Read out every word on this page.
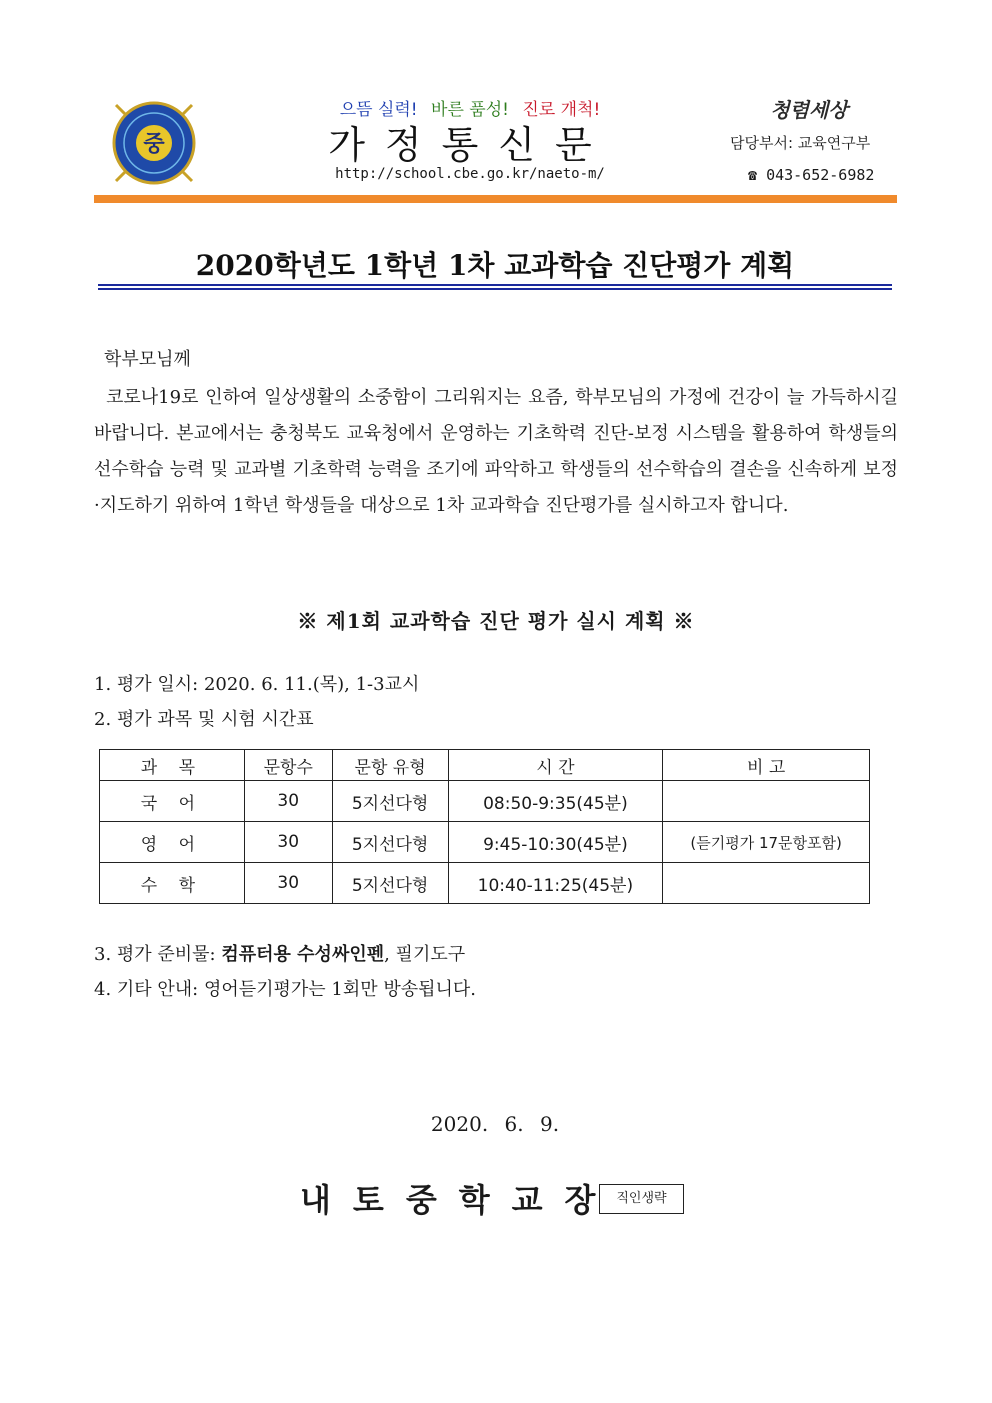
중
으뜸 실력! 바른 품성! 진로 개척!
가정통신문
http://school.cbe.go.kr/naeto-m/
청렴세상
담당부서: 교육연구부
☎ 043-652-6982
2020학년도 1학년 1차 교과학습 진단평가 계획
학부모님께
코로나19로 인하여 일상생활의 소중함이 그리워지는 요즘, 학부모님의 가정에 건강이 늘 가득하시길 바랍니다. 본교에서는 충청북도 교육청에서 운영하는 기초학력 진단-보정 시스템을 활용하여 학생들의 선수학습 능력 및 교과별 기초학력 능력을 조기에 파악하고 학생들의 선수학습의 결손을 신속하게 보정·지도하기 위하여 1학년 학생들을 대상으로 1차 교과학습 진단평가를 실시하고자 합니다.
※ 제1회 교과학습 진단 평가 실시 계획 ※
1. 평가 일시: 2020. 6. 11.(목), 1-3교시
2. 평가 과목 및 시험 시간표
과 목	문항수	문항 유형	시 간	비 고
국 어	30	5지선다형	08:50-9:35(45분)	
영 어	30	5지선다형	9:45-10:30(45분)	(듣기평가 17문항포함)
수 학	30	5지선다형	10:40-11:25(45분)	
3. 평가 준비물: 컴퓨터용 수성싸인펜, 필기도구
4. 기타 안내: 영어듣기평가는 1회만 방송됩니다.
2020. 6. 9.
내토중학교장
직인생략
